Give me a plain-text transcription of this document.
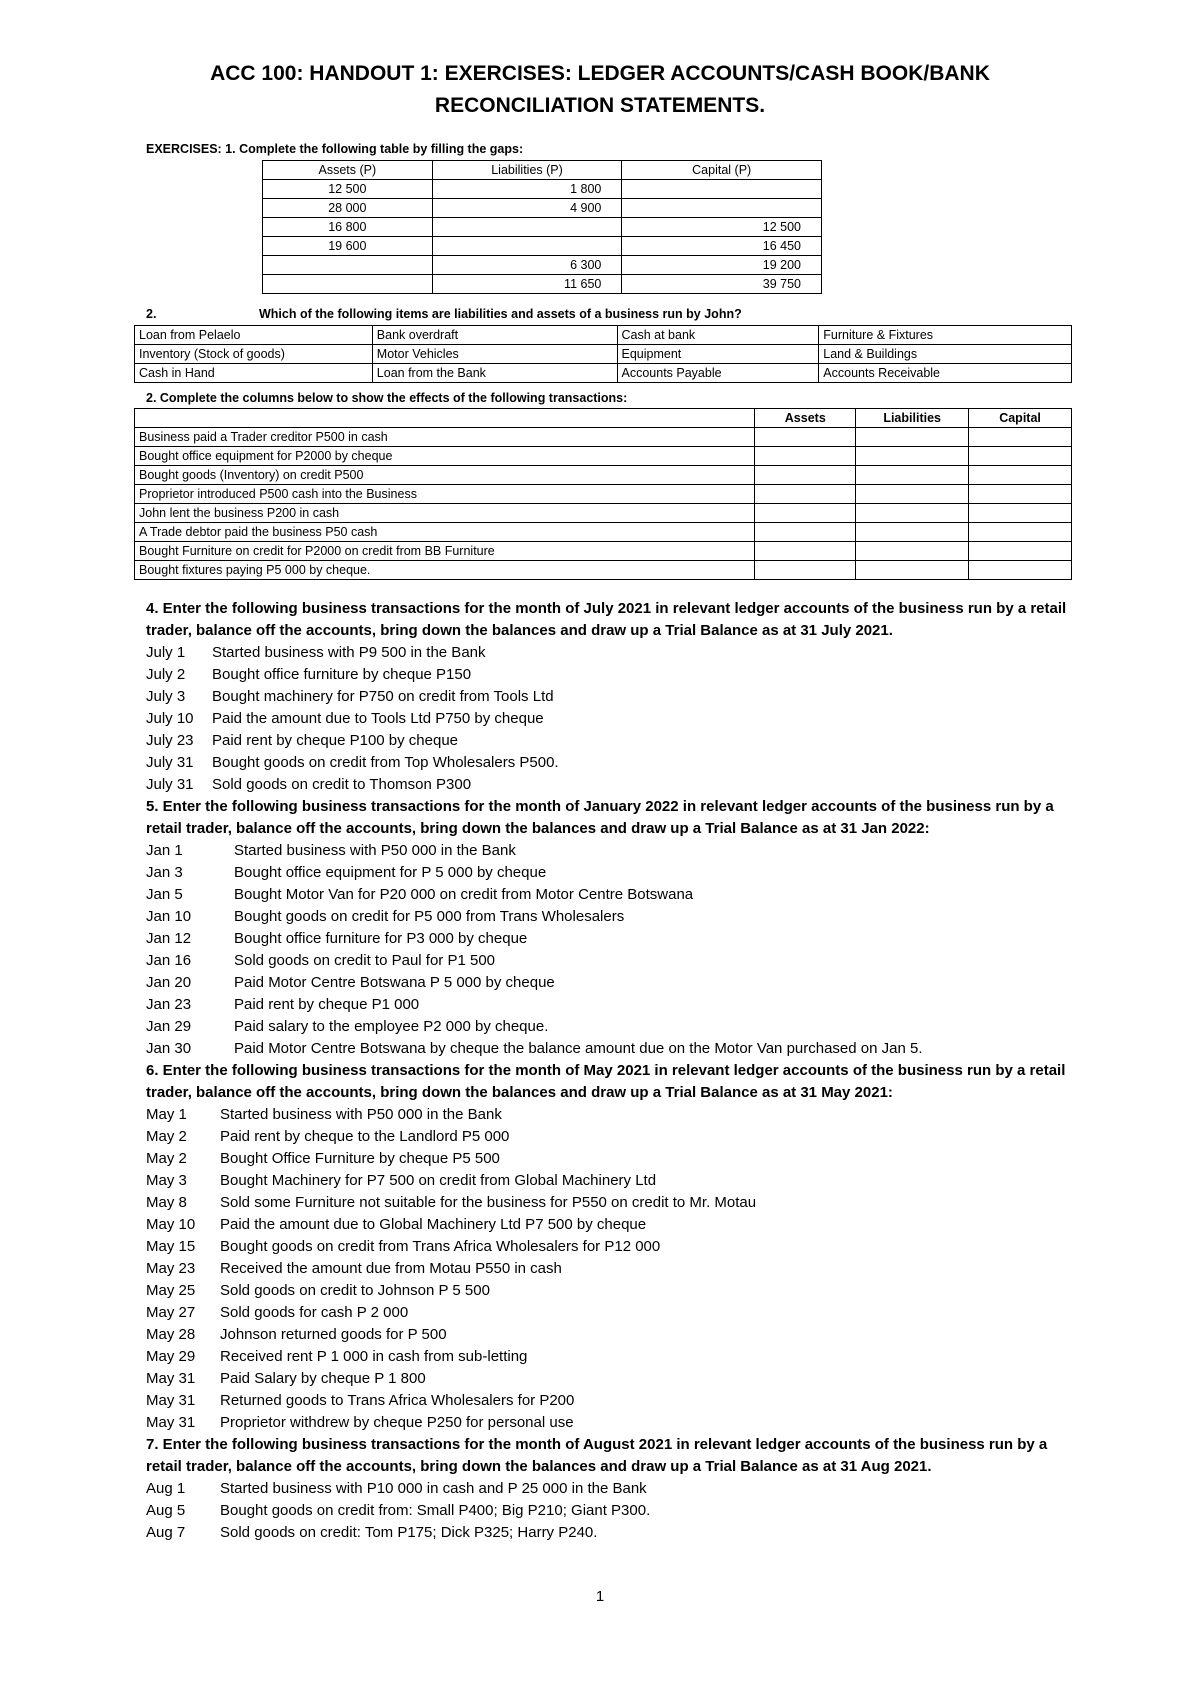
ACC 100: HANDOUT 1: EXERCISES: LEDGER ACCOUNTS/CASH BOOK/BANK
RECONCILIATION STATEMENTS.
EXERCISES: 1. Complete the following table by filling the gaps:
Assets (P)	Liabilities (P)	Capital (P)
12 500	1 800	
28 000	4 900	
16 800		12 500
19 600		16 450
	6 300	19 200
	11 650	39 750
2.	Which of the following items are liabilities and assets of a business run by John?
Loan from Pelaelo	Bank overdraft	Cash at bank	Furniture & Fixtures
Inventory (Stock of goods)	Motor Vehicles	Equipment	Land & Buildings
Cash in Hand	Loan from the Bank	Accounts Payable	Accounts Receivable
2. Complete the columns below to show the effects of the following transactions:
	Assets	Liabilities	Capital
Business paid a Trader creditor P500 in cash			
Bought office equipment for P2000 by cheque			
Bought goods (Inventory) on credit P500			
Proprietor introduced P500 cash into the Business			
John lent the business P200 in cash			
A Trade debtor paid the business P50 cash			
Bought Furniture on credit for P2000 on credit from BB Furniture			
Bought fixtures paying P5 000 by cheque.			
4. Enter the following business transactions for the month of July 2021 in relevant ledger accounts of the business run by a retail trader, balance off the accounts, bring down the balances and draw up a Trial Balance as at 31 July 2021.
July 1	Started business with P9 500 in the Bank
July 2	Bought office furniture by cheque P150
July 3	Bought machinery for P750 on credit from Tools Ltd
July 10	Paid the amount due to Tools Ltd P750 by cheque
July 23	Paid rent by cheque P100 by cheque
July 31	Bought goods on credit from Top Wholesalers P500.
July 31	Sold goods on credit to Thomson P300
5. Enter the following business transactions for the month of January 2022 in relevant ledger accounts of the business run by a retail trader, balance off the accounts, bring down the balances and draw up a Trial Balance as at 31 Jan 2022:
Jan 1	Started business with P50 000 in the Bank
Jan 3	Bought office equipment for P 5 000 by cheque
Jan 5	Bought Motor Van for P20 000 on credit from Motor Centre Botswana
Jan 10	Bought goods on credit for P5 000 from Trans Wholesalers
Jan 12	Bought office furniture for P3 000 by cheque
Jan 16	Sold goods on credit to Paul for P1 500
Jan 20	Paid Motor Centre Botswana P 5 000 by cheque
Jan 23	Paid rent by cheque P1 000
Jan 29	Paid salary to the employee P2 000 by cheque.
Jan 30	Paid Motor Centre Botswana by cheque the balance amount due on the Motor Van purchased on Jan 5.
6. Enter the following business transactions for the month of May 2021 in relevant ledger accounts of the business run by a retail trader, balance off the accounts, bring down the balances and draw up a Trial Balance as at 31 May 2021:
May 1	Started business with P50 000 in the Bank
May 2	Paid rent by cheque to the Landlord P5 000
May 2	Bought Office Furniture by cheque P5 500
May 3	Bought Machinery for P7 500 on credit from Global Machinery Ltd
May 8	Sold some Furniture not suitable for the business for P550 on credit to Mr. Motau
May 10	Paid the amount due to Global Machinery Ltd P7 500 by cheque
May 15	Bought goods on credit from Trans Africa Wholesalers for P12 000
May 23	Received the amount due from Motau P550 in cash
May 25	Sold goods on credit to Johnson P 5 500
May 27	Sold goods for cash P 2 000
May 28	Johnson returned goods for P 500
May 29	Received rent P 1 000 in cash from sub-letting
May 31	Paid Salary by cheque P 1 800
May 31	Returned goods to Trans Africa Wholesalers for P200
May 31	Proprietor withdrew by cheque P250 for personal use
7. Enter the following business transactions for the month of August 2021 in relevant ledger accounts of the business run by a retail trader, balance off the accounts, bring down the balances and draw up a Trial Balance as at 31 Aug 2021.
Aug 1	Started business with P10 000 in cash and P 25 000 in the Bank
Aug 5	Bought goods on credit from: Small P400; Big P210; Giant P300.
Aug 7	Sold goods on credit: Tom P175; Dick P325; Harry P240.
1
